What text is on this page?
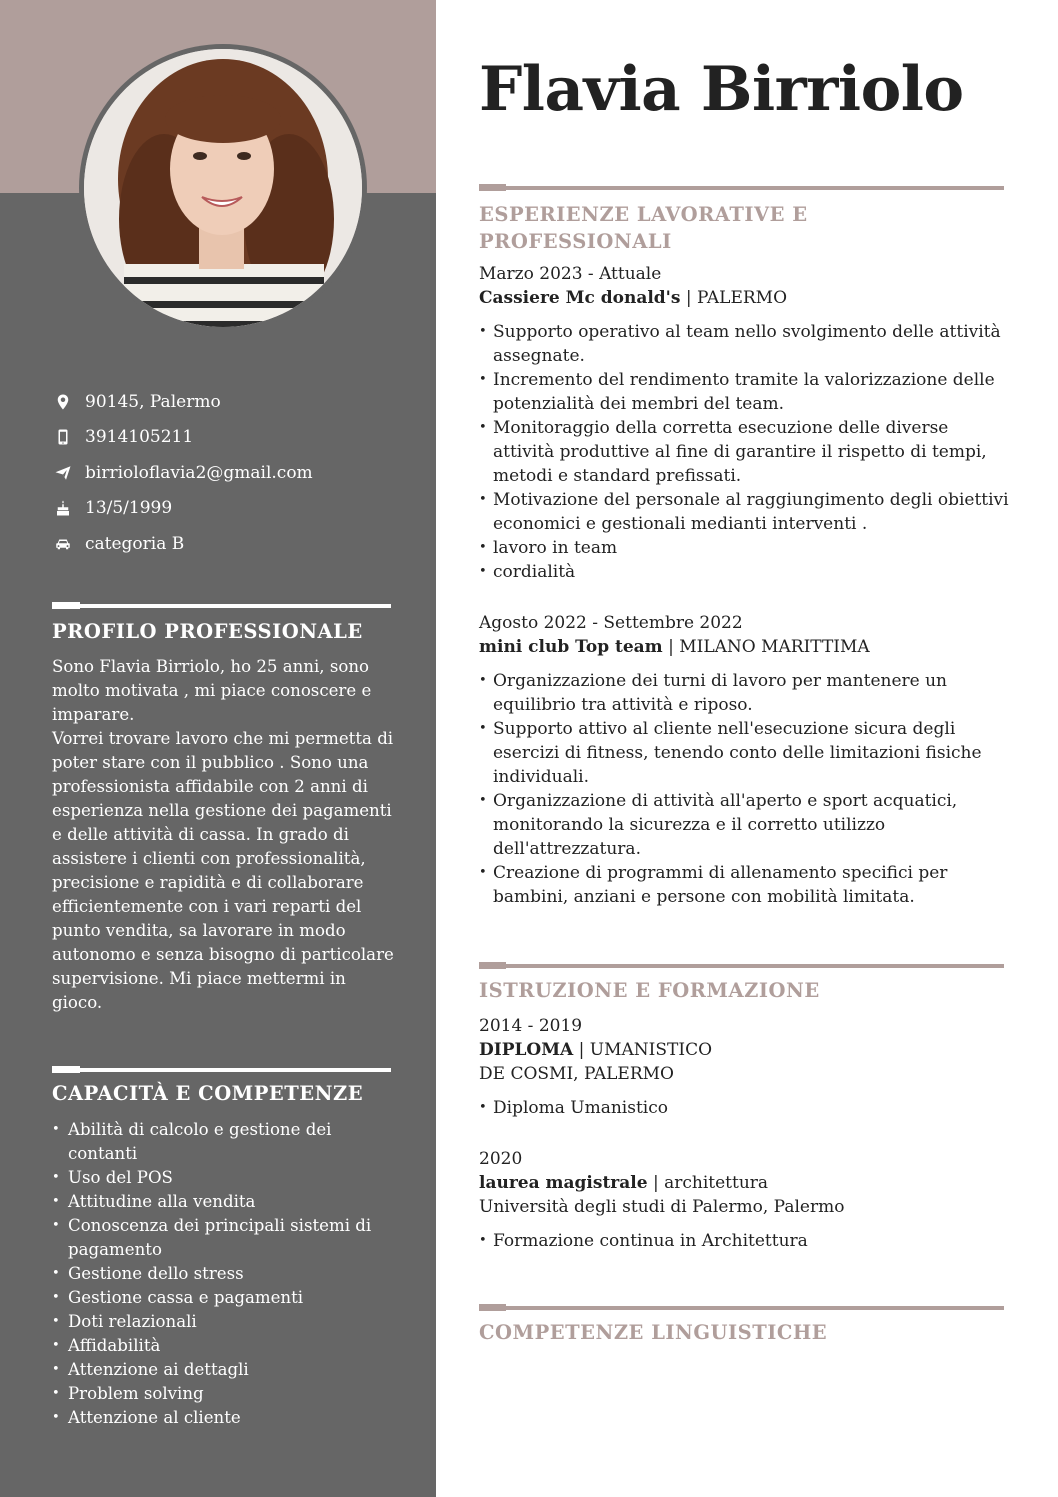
90145, Palermo
3914105211
birrioloflavia2@gmail.com
13/5/1999
categoria B
PROFILO PROFESSIONALE
Sono Flavia Birriolo, ho 25 anni, sono molto motivata , mi piace conoscere e imparare.
Vorrei trovare lavoro che mi permetta di poter stare con il pubblico . Sono una professionista affidabile con 2 anni di esperienza nella gestione dei pagamenti e delle attività di cassa. In grado di assistere i clienti con professionalità, precisione e rapidità e di collaborare efficientemente con i vari reparti del punto vendita, sa lavorare in modo autonomo e senza bisogno di particolare supervisione. Mi piace mettermi in gioco.
CAPACITÀ E COMPETENZE
• Abilità di calcolo e gestione dei contanti
• Uso del POS
• Attitudine alla vendita
• Conoscenza dei principali sistemi di pagamento
• Gestione dello stress
• Gestione cassa e pagamenti
• Doti relazionali
• Affidabilità
• Attenzione ai dettagli
• Problem solving
• Attenzione al cliente
Flavia Birriolo
ESPERIENZE LAVORATIVE E PROFESSIONALI
Marzo 2023 - Attuale
Cassiere Mc donald's | PALERMO
• Supporto operativo al team nello svolgimento delle attività assegnate.
• Incremento del rendimento tramite la valorizzazione delle potenzialità dei membri del team.
• Monitoraggio della corretta esecuzione delle diverse attività produttive al fine di garantire il rispetto di tempi, metodi e standard prefissati.
• Motivazione del personale al raggiungimento degli obiettivi economici e gestionali medianti interventi .
• lavoro in team
• cordialità
Agosto 2022 - Settembre 2022
mini club Top team | MILANO MARITTIMA
• Organizzazione dei turni di lavoro per mantenere un equilibrio tra attività e riposo.
• Supporto attivo al cliente nell'esecuzione sicura degli esercizi di fitness, tenendo conto delle limitazioni fisiche individuali.
• Organizzazione di attività all'aperto e sport acquatici, monitorando la sicurezza e il corretto utilizzo dell'attrezzatura.
• Creazione di programmi di allenamento specifici per bambini, anziani e persone con mobilità limitata.
ISTRUZIONE E FORMAZIONE
2014 - 2019
DIPLOMA | UMANISTICO
DE COSMI, PALERMO
• Diploma Umanistico
2020
laurea magistrale | architettura
Università degli studi di Palermo, Palermo
• Formazione continua in Architettura
COMPETENZE LINGUISTICHE
